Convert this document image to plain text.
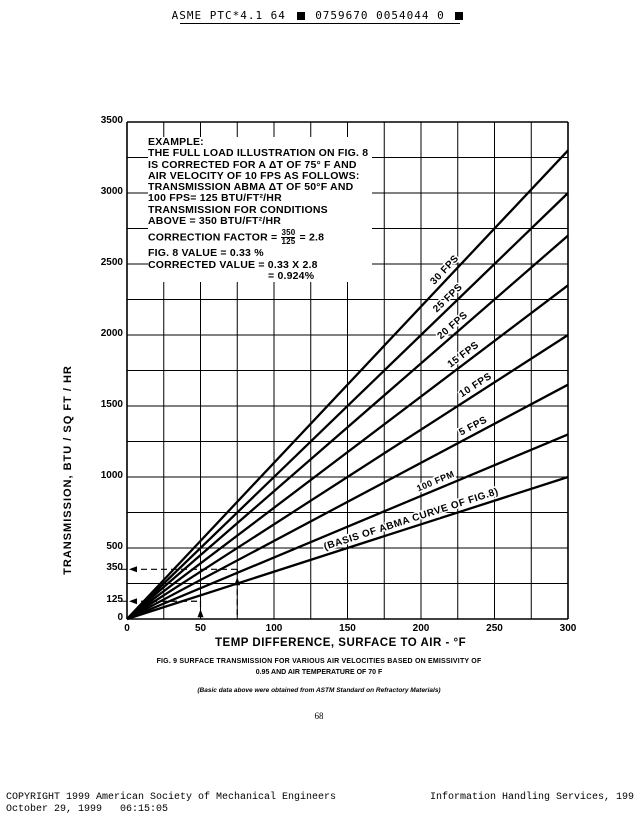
ASME PTC*4.1 64	0759670 0054044 0
(BASIS OF ABMA CURVE OF FIG.8)
100 FPM
5 FPS
10 FPS
15 FPS
20 FPS
25 FPS
30 FPS
3500
3000
2500
2000
1500
1000
500
350
125
0
0	50	100	150	200	250	300
TRANSMISSION, BTU / SQ FT / HR
TEMP DIFFERENCE, SURFACE TO AIR - °F
EXAMPLE:
THE FULL LOAD ILLUSTRATION ON FIG. 8
IS CORRECTED FOR A ΔT OF 75° F AND
AIR VELOCITY OF 10 FPS AS FOLLOWS:
TRANSMISSION ABMA ΔT OF 50°F AND
100 FPS= 125 BTU/FT²/HR
TRANSMISSION FOR CONDITIONS
ABOVE = 350 BTU/FT²/HR
CORRECTION FACTOR = $\frac{350}{125} = 2.8$
FIG. 8 VALUE = 0.33 %
CORRECTED VALUE = 0.33 X 2.8
= 0.924%
FIG. 9 SURFACE TRANSMISSION FOR VARIOUS AIR VELOCITIES BASED ON EMISSIVITY OF
0.95 AND AIR TEMPERATURE OF 70 F
(Basic data above were obtained from ASTM Standard on Refractory Materials)
68
COPYRIGHT 1999 American Society of Mechanical Engineers
October 29, 1999   06:15:05
Information Handling Services, 199
